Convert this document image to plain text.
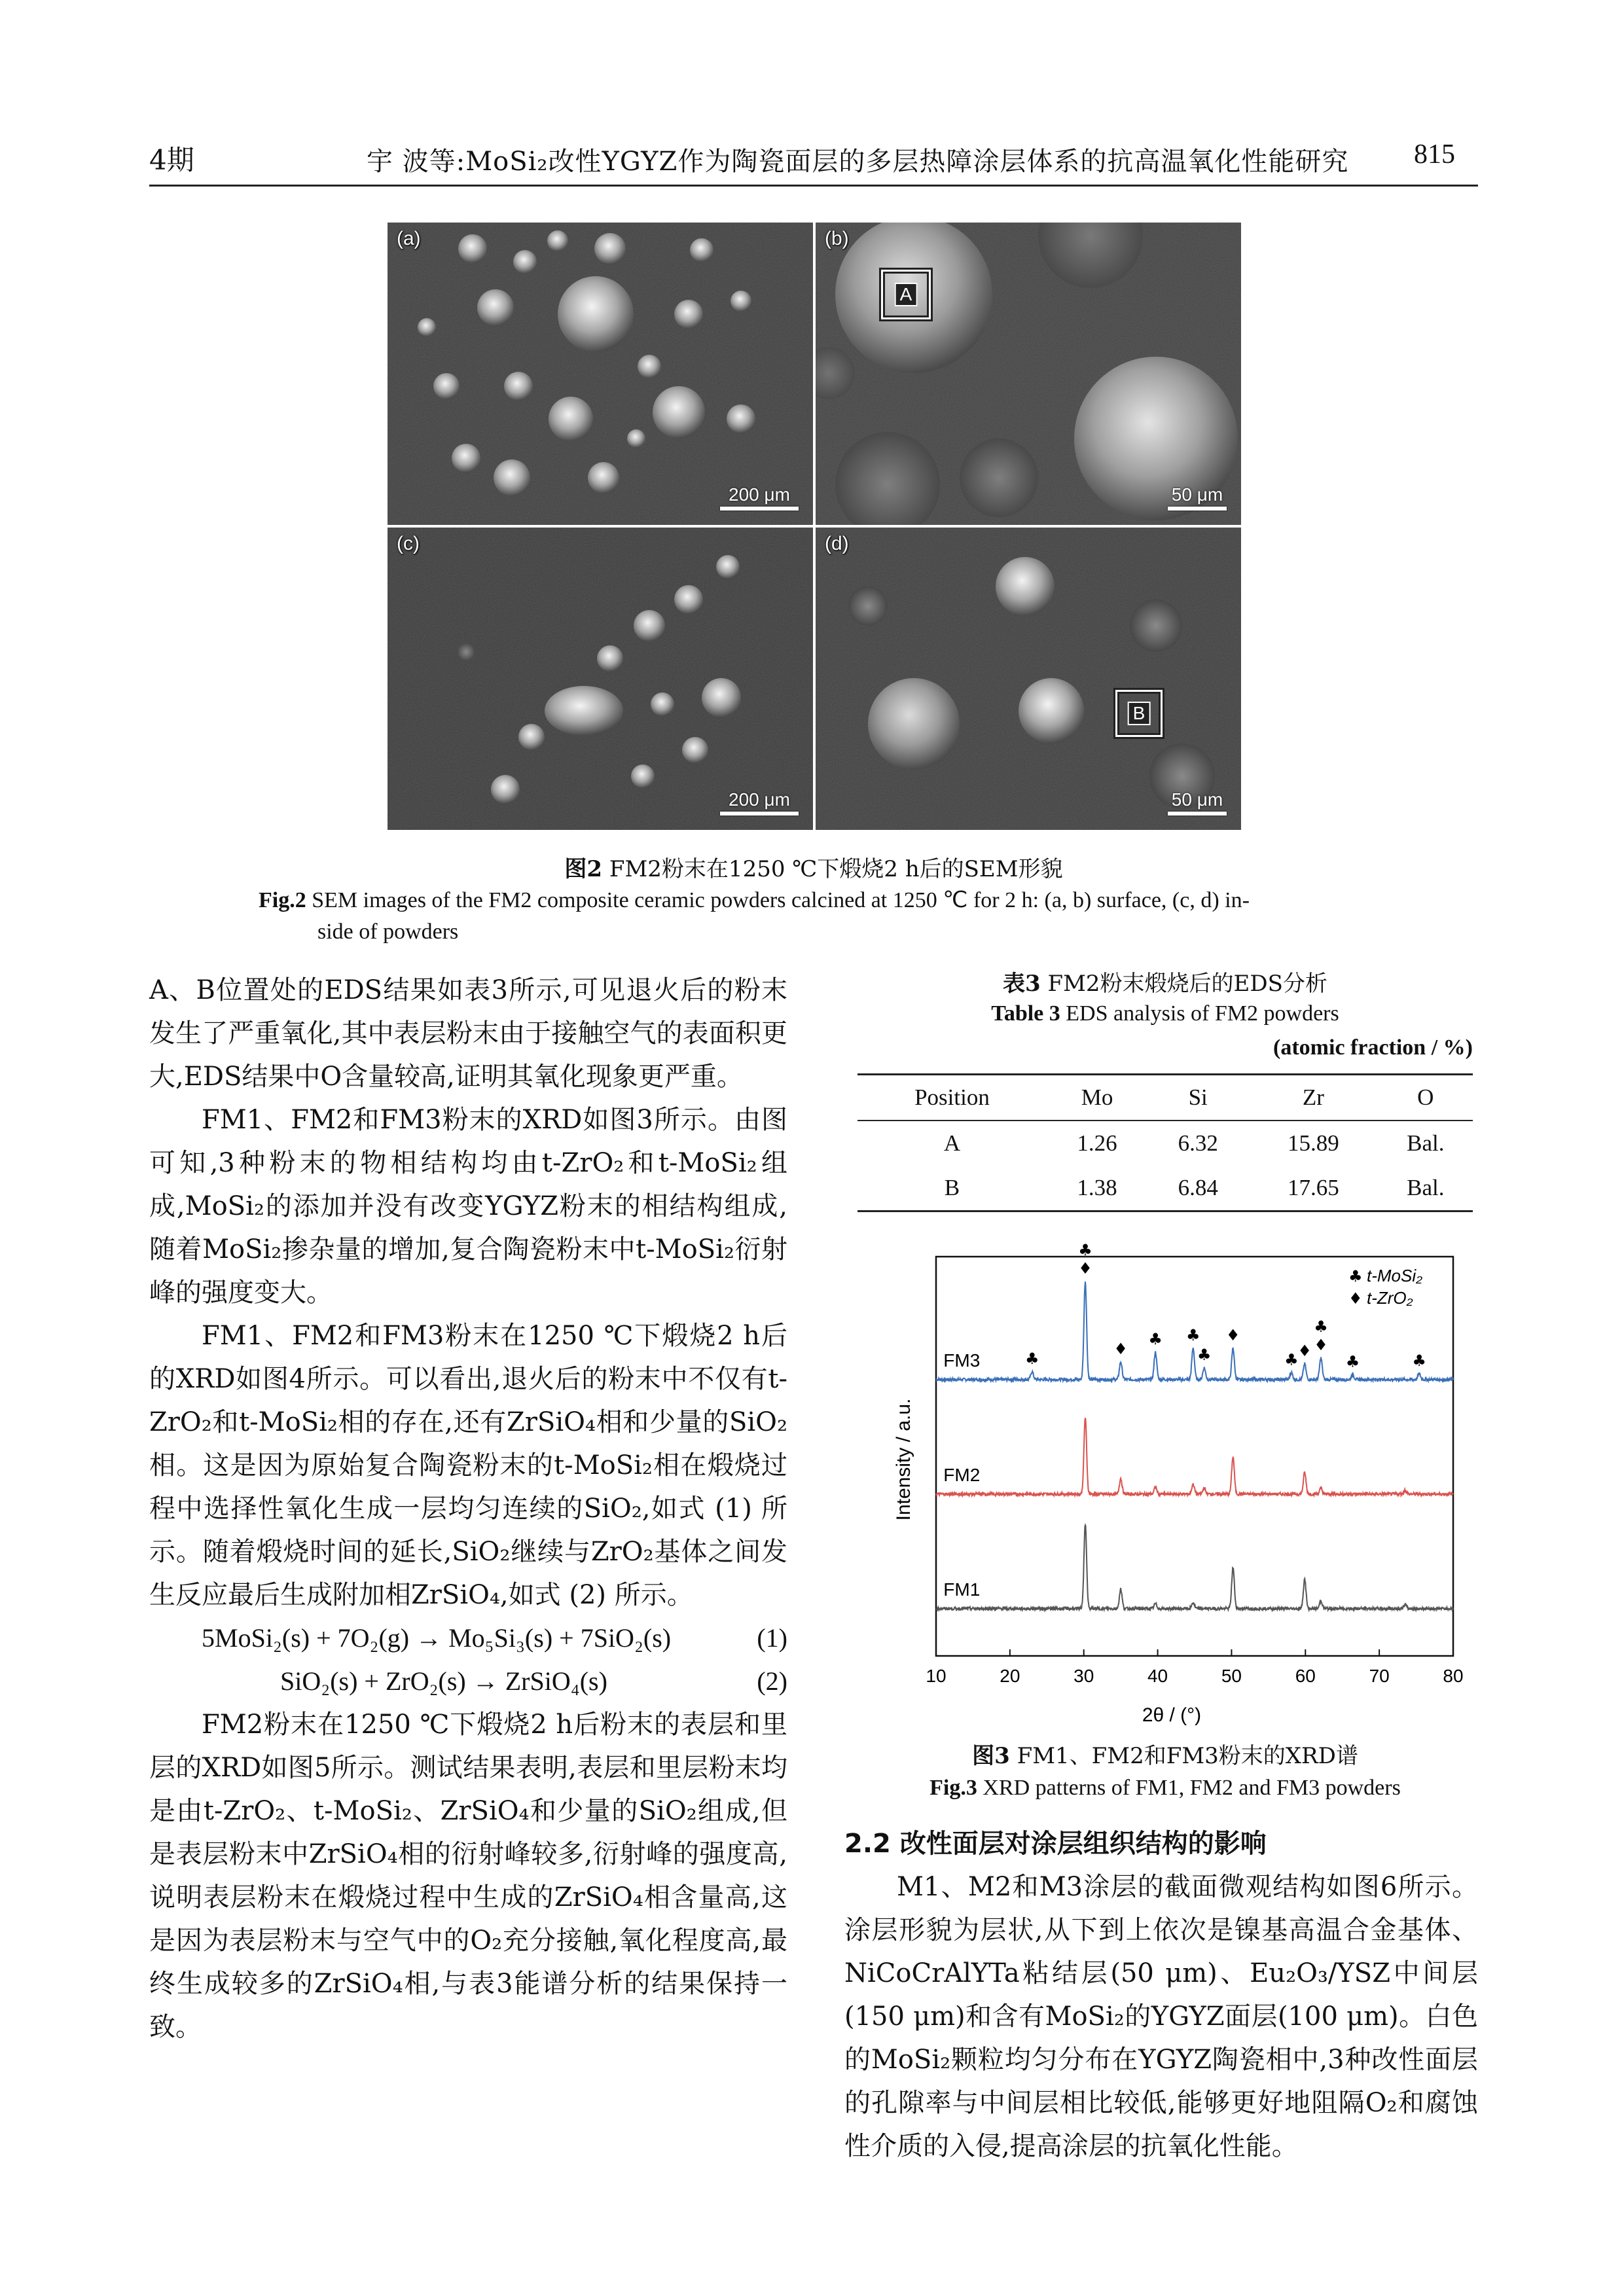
4期	宇 波等:MoSi₂改性YGYZ作为陶瓷面层的多层热障涂层体系的抗高温氧化性能研究 815
(a)
200 μm
(b)
A
50 μm
(c)
200 μm
(d)
B
50 μm
图2 FM2粉末在1250 ℃下煅烧2 h后的SEM形貌
Fig.2 SEM images of the FM2 composite ceramic powders calcined at 1250 ℃ for 2 h: (a, b) surface, (c, d) in-
side of powders

A、B位置处的EDS结果如表3所示,可见退火后的粉末发生了严重氧化,其中表层粉末由于接触空气的表面积更大,EDS结果中O含量较高,证明其氧化现象更严重。

FM1、FM2和FM3粉末的XRD如图3所示。由图可知,3种粉末的物相结构均由t-ZrO₂和t-MoSi₂组成,MoSi₂的添加并没有改变YGYZ粉末的相结构组成,随着MoSi₂掺杂量的增加,复合陶瓷粉末中t-MoSi₂衍射峰的强度变大。

FM1、FM2和FM3粉末在1250 ℃下煅烧2 h后的XRD如图4所示。可以看出,退火后的粉末中不仅有t-ZrO₂和t-MoSi₂相的存在,还有ZrSiO₄相和少量的SiO₂相。这是因为原始复合陶瓷粉末的t-MoSi₂相在煅烧过程中选择性氧化生成一层均匀连续的SiO₂,如式 (1) 所示。随着煅烧时间的延长,SiO₂继续与ZrO₂基体之间发生反应最后生成附加相ZrSiO₄,如式 (2) 所示。

5MoSi₂(s) + 7O₂(g) → Mo₅Si₃(s) + 7SiO₂(s)	(1)
SiO₂(s) + ZrO₂(s) → ZrSiO₄(s)	(2)

FM2粉末在1250 ℃下煅烧2 h后粉末的表层和里层的XRD如图5所示。测试结果表明,表层和里层粉末均是由t-ZrO₂、t-MoSi₂、ZrSiO₄和少量的SiO₂组成,但是表层粉末中ZrSiO₄相的衍射峰较多,衍射峰的强度高,说明表层粉末在煅烧过程中生成的ZrSiO₄相含量高,这是因为表层粉末与空气中的O₂充分接触,氧化程度高,最终生成较多的ZrSiO₄相,与表3能谱分析的结果保持一致。

表3 FM2粉末煅烧后的EDS分析
Table 3 EDS analysis of FM2 powders
(atomic fraction / %)
Position	Mo	Si	Zr	O
A	1.26	6.32	15.89	Bal.
B	1.38	6.84	17.65	Bal.
10	20	30	40	50	60	70	80
FM3
FM2
FM1
♣
♣
♦
♦
♣ ♣
♣
♦
♣
♦
♣
♦
♣	♣
♣ t-MoSi₂
♦ t-ZrO₂
2θ / (°)
Intensity / a.u.
图3 FM1、FM2和FM3粉末的XRD谱
Fig.3 XRD patterns of FM1, FM2 and FM3 powders
2.2 改性面层对涂层组织结构的影响

M1、M2和M3涂层的截面微观结构如图6所示。涂层形貌为层状,从下到上依次是镍基高温合金基体、NiCoCrAlYTa粘结层(50 μm)、Eu₂O₃/YSZ中间层(150 μm)和含有MoSi₂的YGYZ面层(100 μm)。白色的MoSi₂颗粒均匀分布在YGYZ陶瓷相中,3种改性面层的孔隙率与中间层相比较低,能够更好地阻隔O₂和腐蚀性介质的入侵,提高涂层的抗氧化性能。
